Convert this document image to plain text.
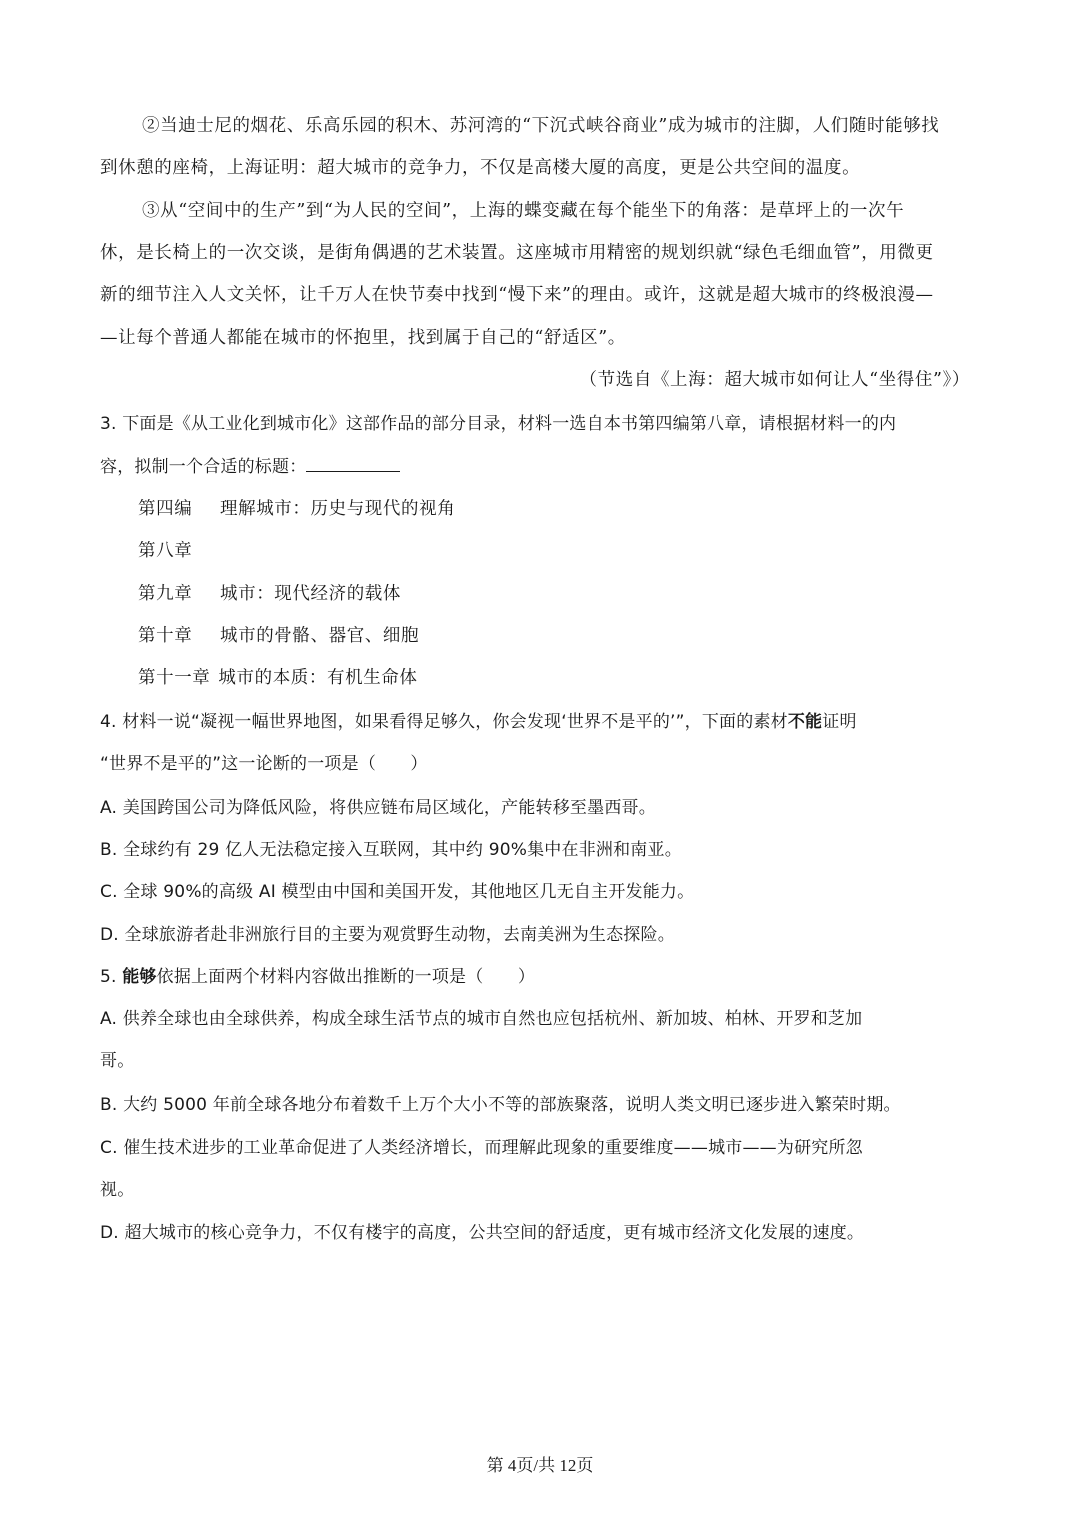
②当迪士尼的烟花、乐高乐园的积木、苏河湾的“下沉式峡谷商业”成为城市的注脚，人们随时能够找
到休憩的座椅，上海证明：超大城市的竞争力，不仅是高楼大厦的高度，更是公共空间的温度。
③从“空间中的生产”到“为人民的空间”，上海的蝶变藏在每个能坐下的角落：是草坪上的一次午
休，是长椅上的一次交谈，是街角偶遇的艺术装置。这座城市用精密的规划织就“绿色毛细血管”，用微更
新的细节注入人文关怀，让千万人在快节奏中找到“慢下来”的理由。或许，这就是超大城市的终极浪漫—
—让每个普通人都能在城市的怀抱里，找到属于自己的“舒适区”。
（节选自《上海：超大城市如何让人“坐得住”》）
3. 下面是《从工业化到城市化》这部作品的部分目录，材料一选自本书第四编第八章，请根据材料一的内
容，拟制一个合适的标题：
第四编 理解城市：历史与现代的视角
第八章
第九章 城市：现代经济的载体
第十章 城市的骨骼、器官、细胞
第十一章 城市的本质：有机生命体
4. 材料一说“凝视一幅世界地图，如果看得足够久，你会发现‘世界不是平的’”，下面的素材不能证明
“世界不是平的”这一论断的一项是（　　）
A. 美国跨国公司为降低风险，将供应链布局区域化，产能转移至墨西哥。
B. 全球约有 29 亿人无法稳定接入互联网，其中约 90%集中在非洲和南亚。
C. 全球 90%的高级 AI 模型由中国和美国开发，其他地区几无自主开发能力。
D. 全球旅游者赴非洲旅行目的主要为观赏野生动物，去南美洲为生态探险。
5. 能够依据上面两个材料内容做出推断的一项是（　　）
A. 供养全球也由全球供养，构成全球生活节点的城市自然也应包括杭州、新加坡、柏林、开罗和芝加
哥。
B. 大约 5000 年前全球各地分布着数千上万个大小不等的部族聚落，说明人类文明已逐步进入繁荣时期。
C. 催生技术进步的工业革命促进了人类经济增长，而理解此现象的重要维度——城市——为研究所忽
视。
D. 超大城市的核心竞争力，不仅有楼宇的高度，公共空间的舒适度，更有城市经济文化发展的速度。
第 4页/共 12页
